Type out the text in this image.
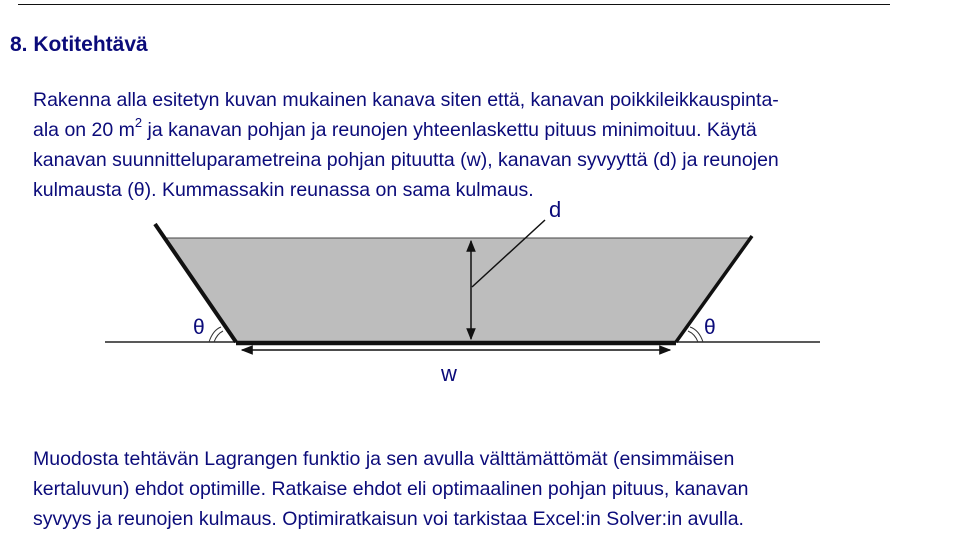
8. Kotitehtävä
Rakenna alla esitetyn kuvan mukainen kanava siten että, kanavan poikkileikkauspinta-
ala on 20 $m^2$ ja kanavan pohjan ja reunojen yhteenlaskettu pituus minimoituu. Käytä
kanavan suunnitteluparametreina pohjan pituutta (w), kanavan syvyyttä (d) ja reunojen
kulmausta (θ). Kummassakin reunassa on sama kulmaus.
d
w
θ	θ
Muodosta tehtävän Lagrangen funktio ja sen avulla välttämättömät (ensimmäisen
kertaluvun) ehdot optimille. Ratkaise ehdot eli optimaalinen pohjan pituus, kanavan
syvyys ja reunojen kulmaus. Optimiratkaisun voi tarkistaa Excel:in Solver:in avulla.
